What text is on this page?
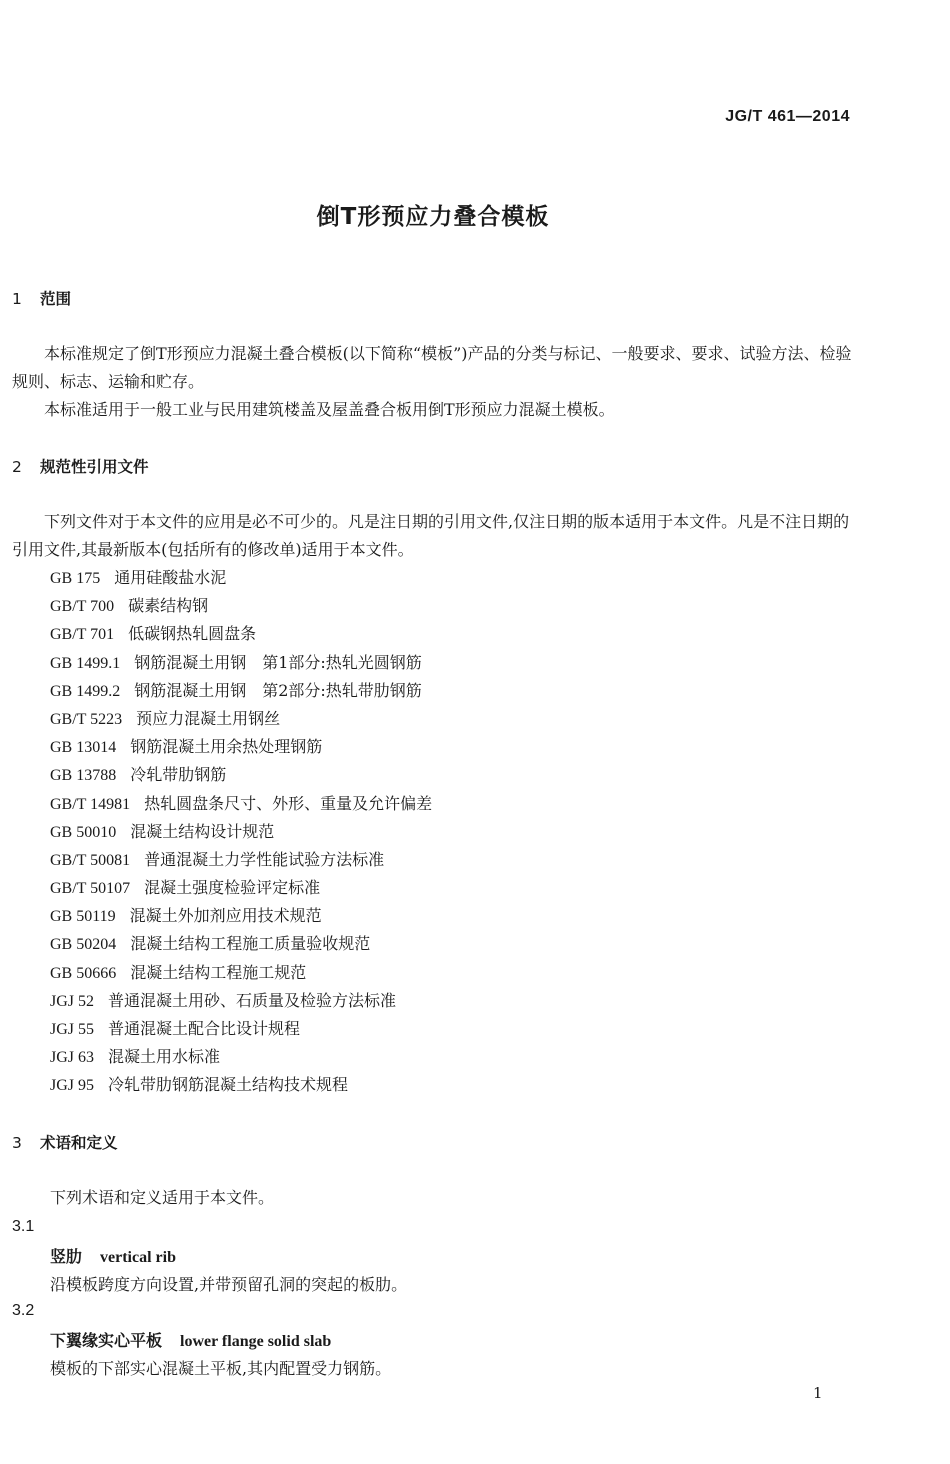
JG/T 461—2014
倒T形预应力叠合模板
1 范围

本标准规定了倒T形预应力混凝土叠合模板(以下简称“模板”)产品的分类与标记、一般要求、要求、试验方法、检验规则、标志、运输和贮存。

本标准适用于一般工业与民用建筑楼盖及屋盖叠合板用倒T形预应力混凝土模板。

2 规范性引用文件

下列文件对于本文件的应用是必不可少的。凡是注日期的引用文件,仅注日期的版本适用于本文件。凡是不注日期的引用文件,其最新版本(包括所有的修改单)适用于本文件。

GB 175 通用硅酸盐水泥
GB/T 700 碳素结构钢
GB/T 701 低碳钢热轧圆盘条
GB 1499.1 钢筋混凝土用钢　第1部分:热轧光圆钢筋
GB 1499.2 钢筋混凝土用钢　第2部分:热轧带肋钢筋
GB/T 5223 预应力混凝土用钢丝
GB 13014 钢筋混凝土用余热处理钢筋
GB 13788 冷轧带肋钢筋
GB/T 14981 热轧圆盘条尺寸、外形、重量及允许偏差
GB 50010 混凝土结构设计规范
GB/T 50081 普通混凝土力学性能试验方法标准
GB/T 50107 混凝土强度检验评定标准
GB 50119 混凝土外加剂应用技术规范
GB 50204 混凝土结构工程施工质量验收规范
GB 50666 混凝土结构工程施工规范
JGJ 52 普通混凝土用砂、石质量及检验方法标准
JGJ 55 普通混凝土配合比设计规程
JGJ 63 混凝土用水标准
JGJ 95 冷轧带肋钢筋混凝土结构技术规程
3 术语和定义

下列术语和定义适用于本文件。

3.1
竖肋 vertical rib
沿模板跨度方向设置,并带预留孔洞的突起的板肋。
3.2
下翼缘实心平板 lower flange solid slab
模板的下部实心混凝土平板,其内配置受力钢筋。
1
